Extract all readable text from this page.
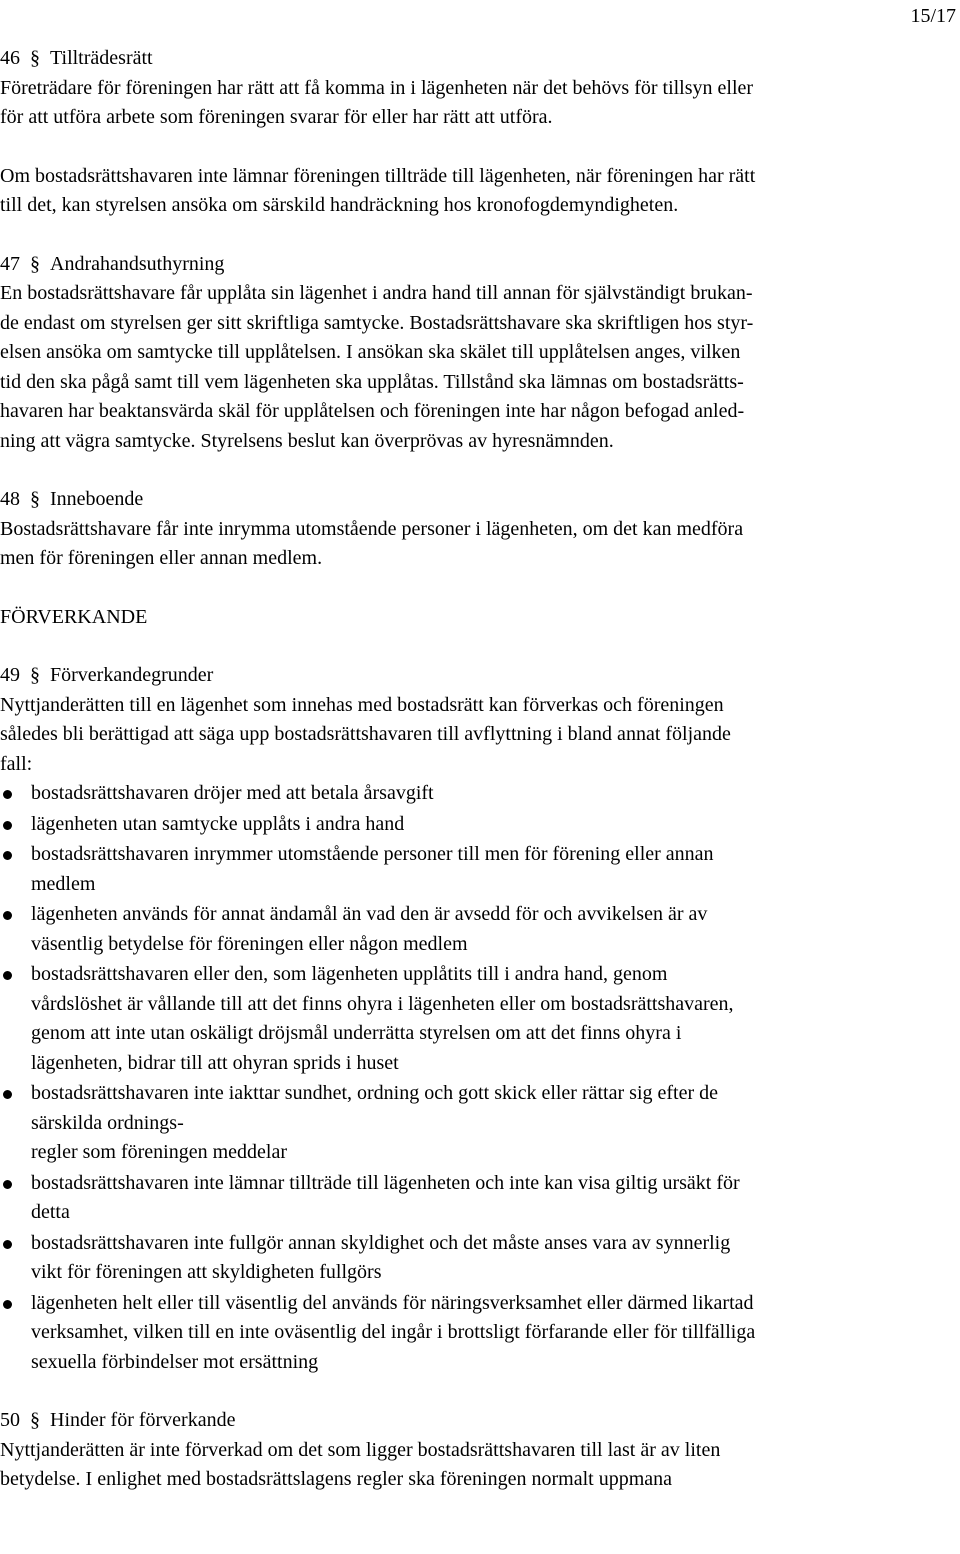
15/17
46 § Tillträdesrätt
Företrädare för föreningen har rätt att få komma in i lägenheten när det behövs för tillsyn eller
för att utföra arbete som föreningen svarar för eller har rätt att utföra.
Om bostadsrättshavaren inte lämnar föreningen tillträde till lägenheten, när föreningen har rätt
till det, kan styrelsen ansöka om särskild handräckning hos kronofogdemyndigheten.
47 § Andrahandsuthyrning
En bostadsrättshavare får upplåta sin lägenhet i andra hand till annan för självständigt brukan-
de endast om styrelsen ger sitt skriftliga samtycke. Bostadsrättshavare ska skriftligen hos styr-
elsen ansöka om samtycke till upplåtelsen. I ansökan ska skälet till upplåtelsen anges, vilken
tid den ska pågå samt till vem lägenheten ska upplåtas. Tillstånd ska lämnas om bostadsrätts-
havaren har beaktansvärda skäl för upplåtelsen och föreningen inte har någon befogad anled-
ning att vägra samtycke. Styrelsens beslut kan överprövas av hyresnämnden.
48 § Inneboende
Bostadsrättshavare får inte inrymma utomstående personer i lägenheten, om det kan medföra
men för föreningen eller annan medlem.
FÖRVERKANDE
49 § Förverkandegrunder
Nyttjanderätten till en lägenhet som innehas med bostadsrätt kan förverkas och föreningen
således bli berättigad att säga upp bostadsrättshavaren till avflyttning i bland annat följande
fall:
bostadsrättshavaren dröjer med att betala årsavgift
lägenheten utan samtycke upplåts i andra hand
bostadsrättshavaren inrymmer utomstående personer till men för förening eller annan
medlem
lägenheten används för annat ändamål än vad den är avsedd för och avvikelsen är av
väsentlig betydelse för föreningen eller någon medlem
bostadsrättshavaren eller den, som lägenheten upplåtits till i andra hand, genom
vårdslöshet är vållande till att det finns ohyra i lägenheten eller om bostadsrättshavaren,
genom att inte utan oskäligt dröjsmål underrätta styrelsen om att det finns ohyra i
lägenheten, bidrar till att ohyran sprids i huset
bostadsrättshavaren inte iakttar sundhet, ordning och gott skick eller rättar sig efter de
särskilda ordnings-
regler som föreningen meddelar
bostadsrättshavaren inte lämnar tillträde till lägenheten och inte kan visa giltig ursäkt för
detta
bostadsrättshavaren inte fullgör annan skyldighet och det måste anses vara av synnerlig
vikt för föreningen att skyldigheten fullgörs
lägenheten helt eller till väsentlig del används för näringsverksamhet eller därmed likartad
verksamhet, vilken till en inte oväsentlig del ingår i brottsligt förfarande eller för tillfälliga
sexuella förbindelser mot ersättning
50 § Hinder för förverkande
Nyttjanderätten är inte förverkad om det som ligger bostadsrättshavaren till last är av liten
betydelse. I enlighet med bostadsrättslagens regler ska föreningen normalt uppmana
